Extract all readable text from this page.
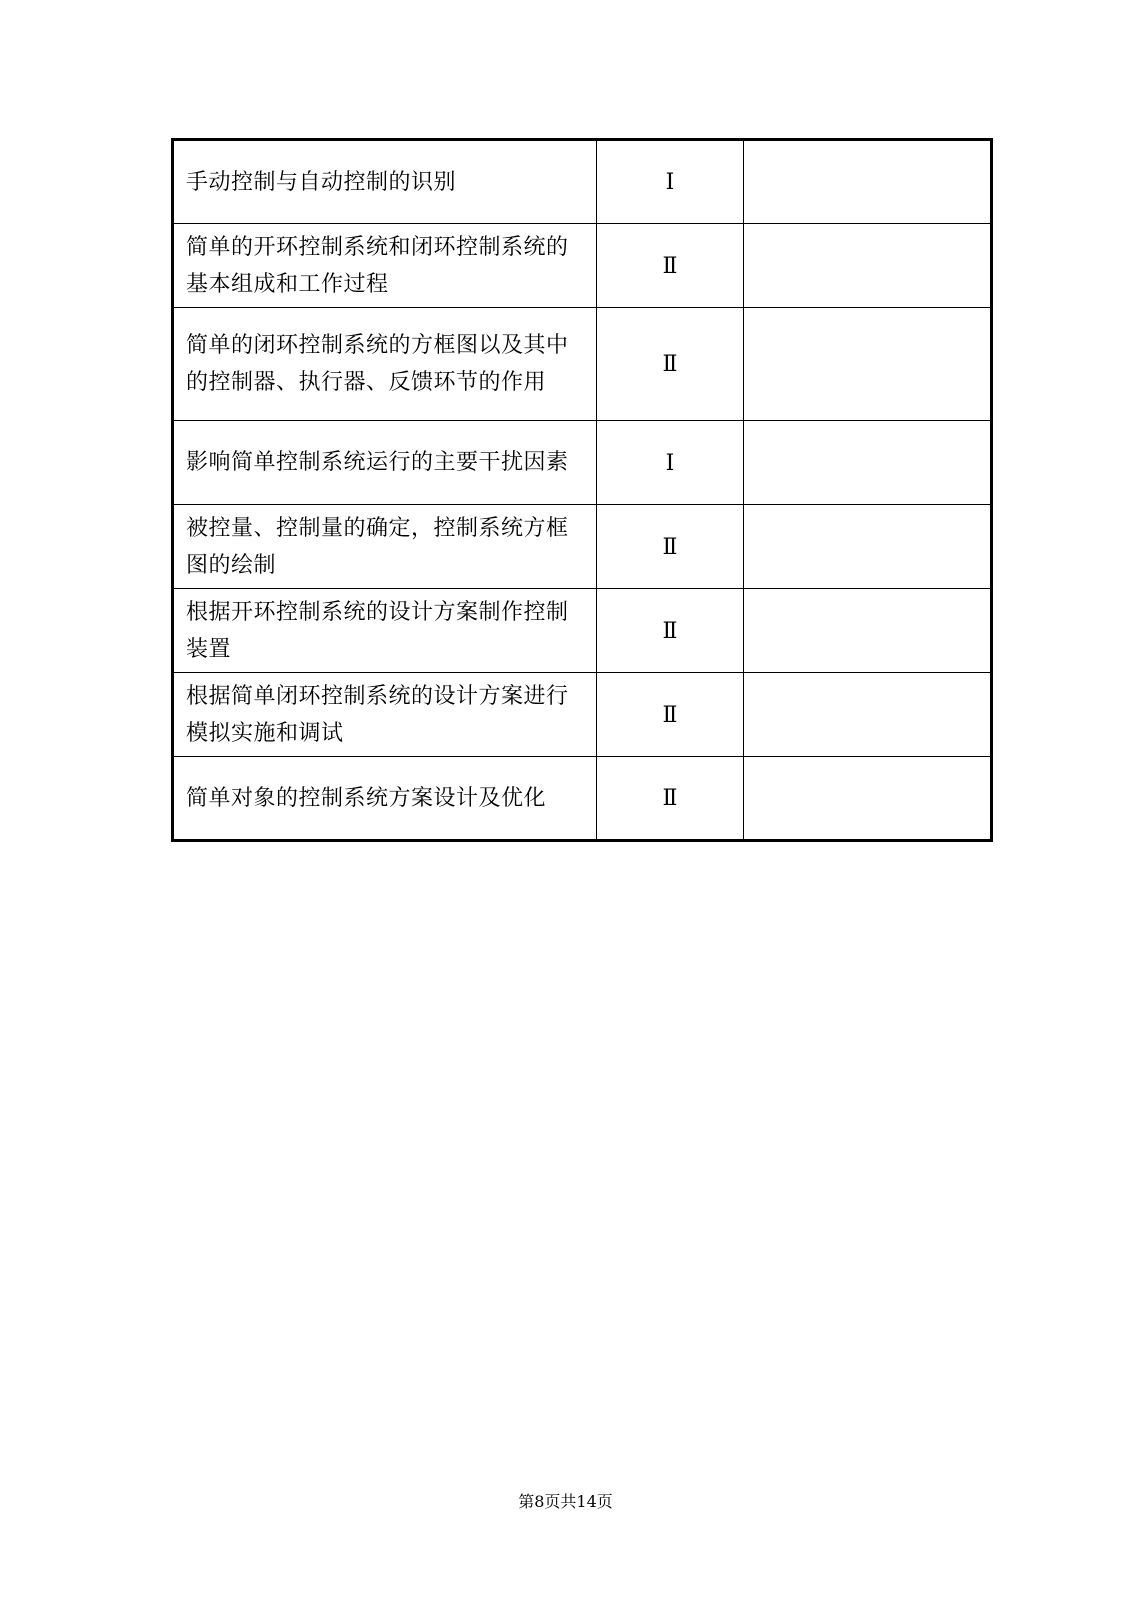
手动控制与自动控制的识别	Ⅰ	
简单的开环控制系统和闭环控制系统的基本组成和工作过程	Ⅱ	
简单的闭环控制系统的方框图以及其中的控制器、执行器、反馈环节的作用	Ⅱ	
影响简单控制系统运行的主要干扰因素	Ⅰ	
被控量、控制量的确定，控制系统方框图的绘制	Ⅱ	
根据开环控制系统的设计方案制作控制装置	Ⅱ	
根据简单闭环控制系统的设计方案进行模拟实施和调试	Ⅱ	
简单对象的控制系统方案设计及优化	Ⅱ	
第8页共14页
